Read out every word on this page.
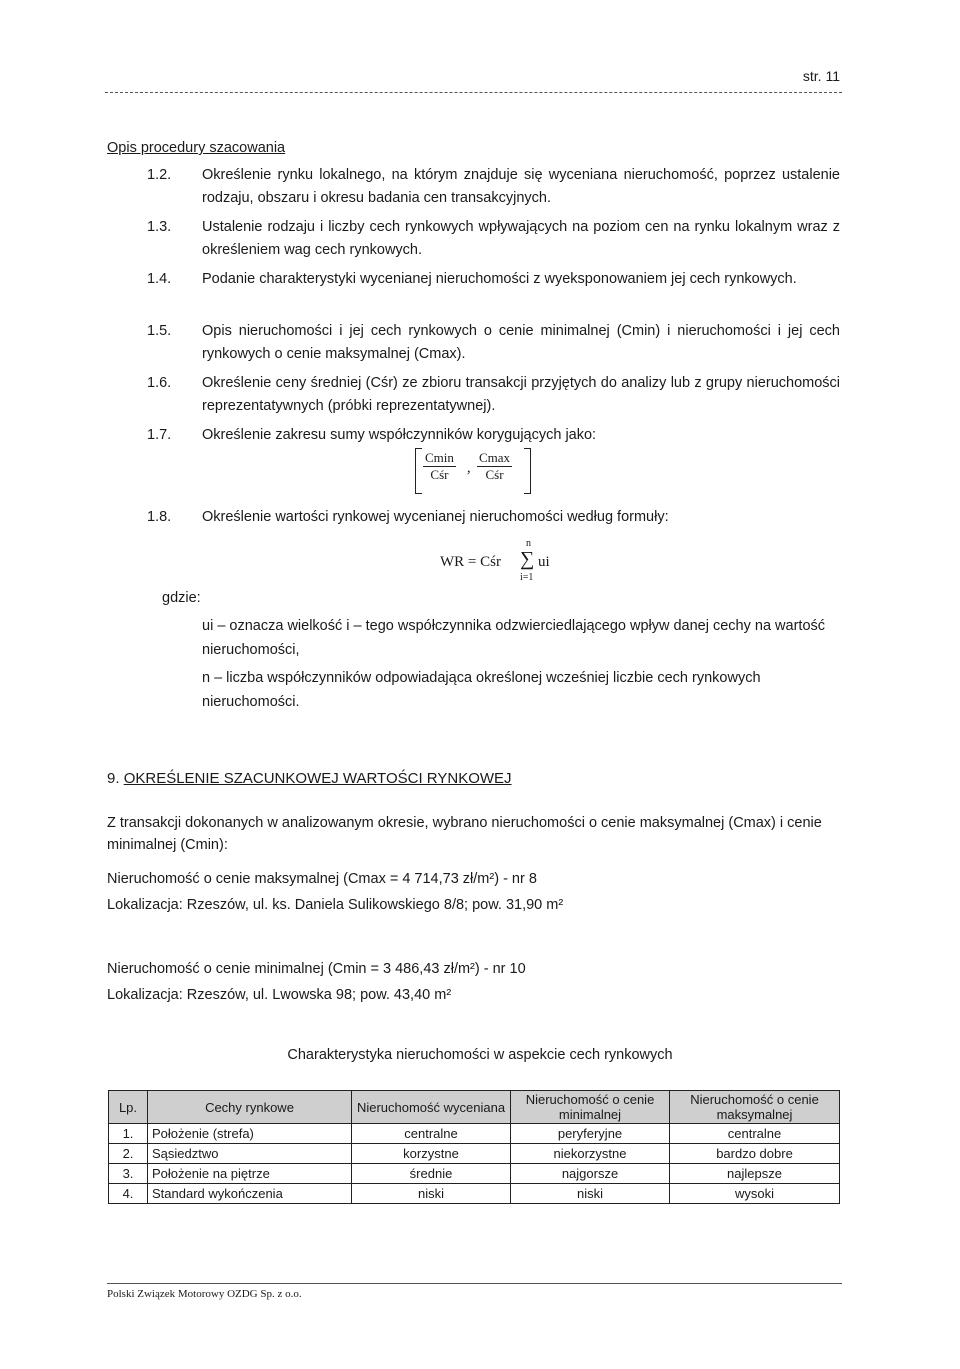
str. 11
Opis procedury szacowania
1.2. Określenie rynku lokalnego, na którym znajduje się wyceniana nieruchomość, poprzez ustalenie rodzaju, obszaru i okresu badania cen transakcyjnych.
1.3. Ustalenie rodzaju i liczby cech rynkowych wpływających na poziom cen na rynku lokalnym wraz z określeniem wag cech rynkowych.
1.4. Podanie charakterystyki wycenianej nieruchomości z wyeksponowaniem jej cech rynkowych.
1.5. Opis nieruchomości i jej cech rynkowych o cenie minimalnej (Cmin) i nieruchomości i jej cech rynkowych o cenie maksymalnej (Cmax).
1.6. Określenie ceny średniej (Cśr) ze zbioru transakcji przyjętych do analizy lub z grupy nieruchomości reprezentatywnych (próbki reprezentatywnej).
1.7. Określenie zakresu sumy współczynników korygujących jako:
Cmin
Cśr	,
Cmax
Cśr
1.8. Określenie wartości rynkowej wycenianej nieruchomości według formuły:
WR = Cśr
n
∑
i=1
ui
gdzie:
ui – oznacza wielkość i – tego współczynnika odzwierciedlającego wpływ danej cechy na wartość nieruchomości,
n – liczba współczynników odpowiadająca określonej wcześniej liczbie cech rynkowych nieruchomości.
9. OKREŚLENIE SZACUNKOWEJ WARTOŚCI RYNKOWEJ
Z transakcji dokonanych w analizowanym okresie, wybrano nieruchomości o cenie maksymalnej (Cmax) i cenie minimalnej (Cmin):
Nieruchomość o cenie maksymalnej (Cmax = 4 714,73 zł/m²) - nr 8
Lokalizacja: Rzeszów, ul. ks. Daniela Sulikowskiego 8/8; pow. 31,90 m²
Nieruchomość o cenie minimalnej (Cmin = 3 486,43 zł/m²) - nr 10
Lokalizacja: Rzeszów, ul. Lwowska 98; pow. 43,40 m²
Charakterystyka nieruchomości w aspekcie cech rynkowych
Lp.	Cechy rynkowe	Nieruchomość wyceniana	Nieruchomość o cenie minimalnej	Nieruchomość o cenie maksymalnej
1.	Położenie (strefa)	centralne	peryferyjne	centralne
2.	Sąsiedztwo	korzystne	niekorzystne	bardzo dobre
3.	Położenie na piętrze	średnie	najgorsze	najlepsze
4.	Standard wykończenia	niski	niski	wysoki
Polski Związek Motorowy OZDG Sp. z o.o.
